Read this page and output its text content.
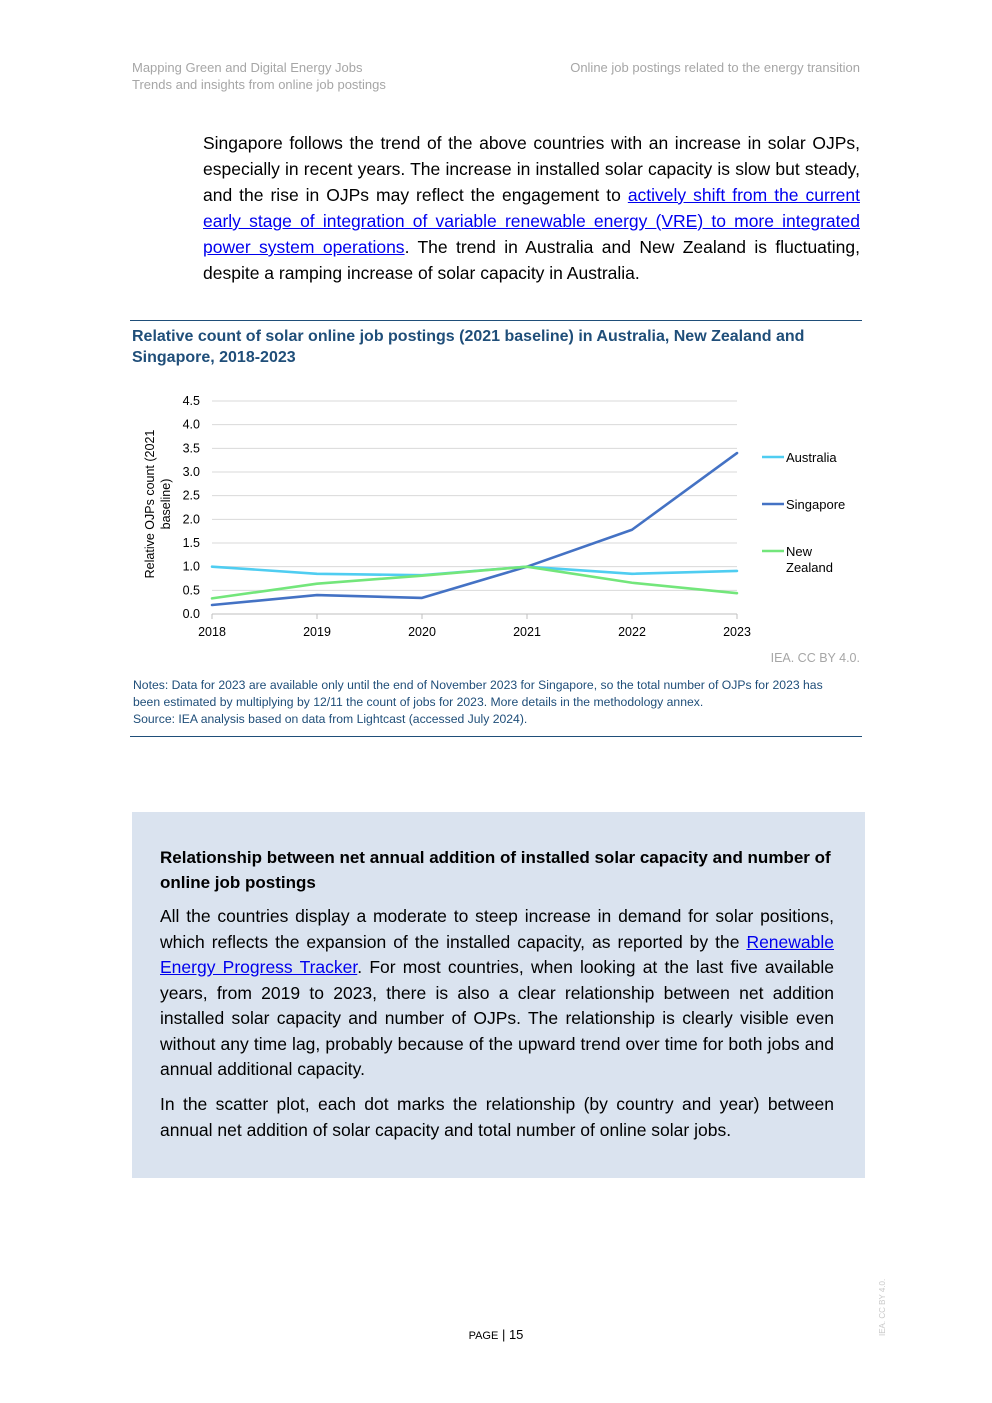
Mapping Green and Digital Energy Jobs
Trends and insights from online job postings
Online job postings related to the energy transition
Singapore follows the trend of the above countries with an increase in solar OJPs, especially in recent years. The increase in installed solar capacity is slow but steady, and the rise in OJPs may reflect the engagement to actively shift from the current early stage of integration of variable renewable energy (VRE) to more integrated power system operations. The trend in Australia and New Zealand is fluctuating, despite a ramping increase of solar capacity in Australia.
Relative count of solar online job postings (2021 baseline) in Australia, New Zealand and Singapore, 2018-2023
0.0
0.5
1.0
1.5
2.0
2.5
3.0
3.5
4.0
4.5
2018	2019	2020	2021	2022	2023
Australia
Singapore
New
Zealand
Relative OJPs count (2021 baseline)
IEA. CC BY 4.0.
Notes: Data for 2023 are available only until the end of November 2023 for Singapore, so the total number of OJPs for 2023 has been estimated by multiplying by 12/11 the count of jobs for 2023. More details in the methodology annex.
Source: IEA analysis based on data from Lightcast (accessed July 2024).
Relationship between net annual addition of installed solar capacity and number of online job postings
All the countries display a moderate to steep increase in demand for solar positions, which reflects the expansion of the installed capacity, as reported by the Renewable Energy Progress Tracker. For most countries, when looking at the last five available years, from 2019 to 2023, there is also a clear relationship between net addition installed solar capacity and number of OJPs. The relationship is clearly visible even without any time lag, probably because of the upward trend over time for both jobs and annual additional capacity.
In the scatter plot, each dot marks the relationship (by country and year) between annual net addition of solar capacity and total number of online solar jobs.
PAGE | 15	IEA. CC BY 4.0.
